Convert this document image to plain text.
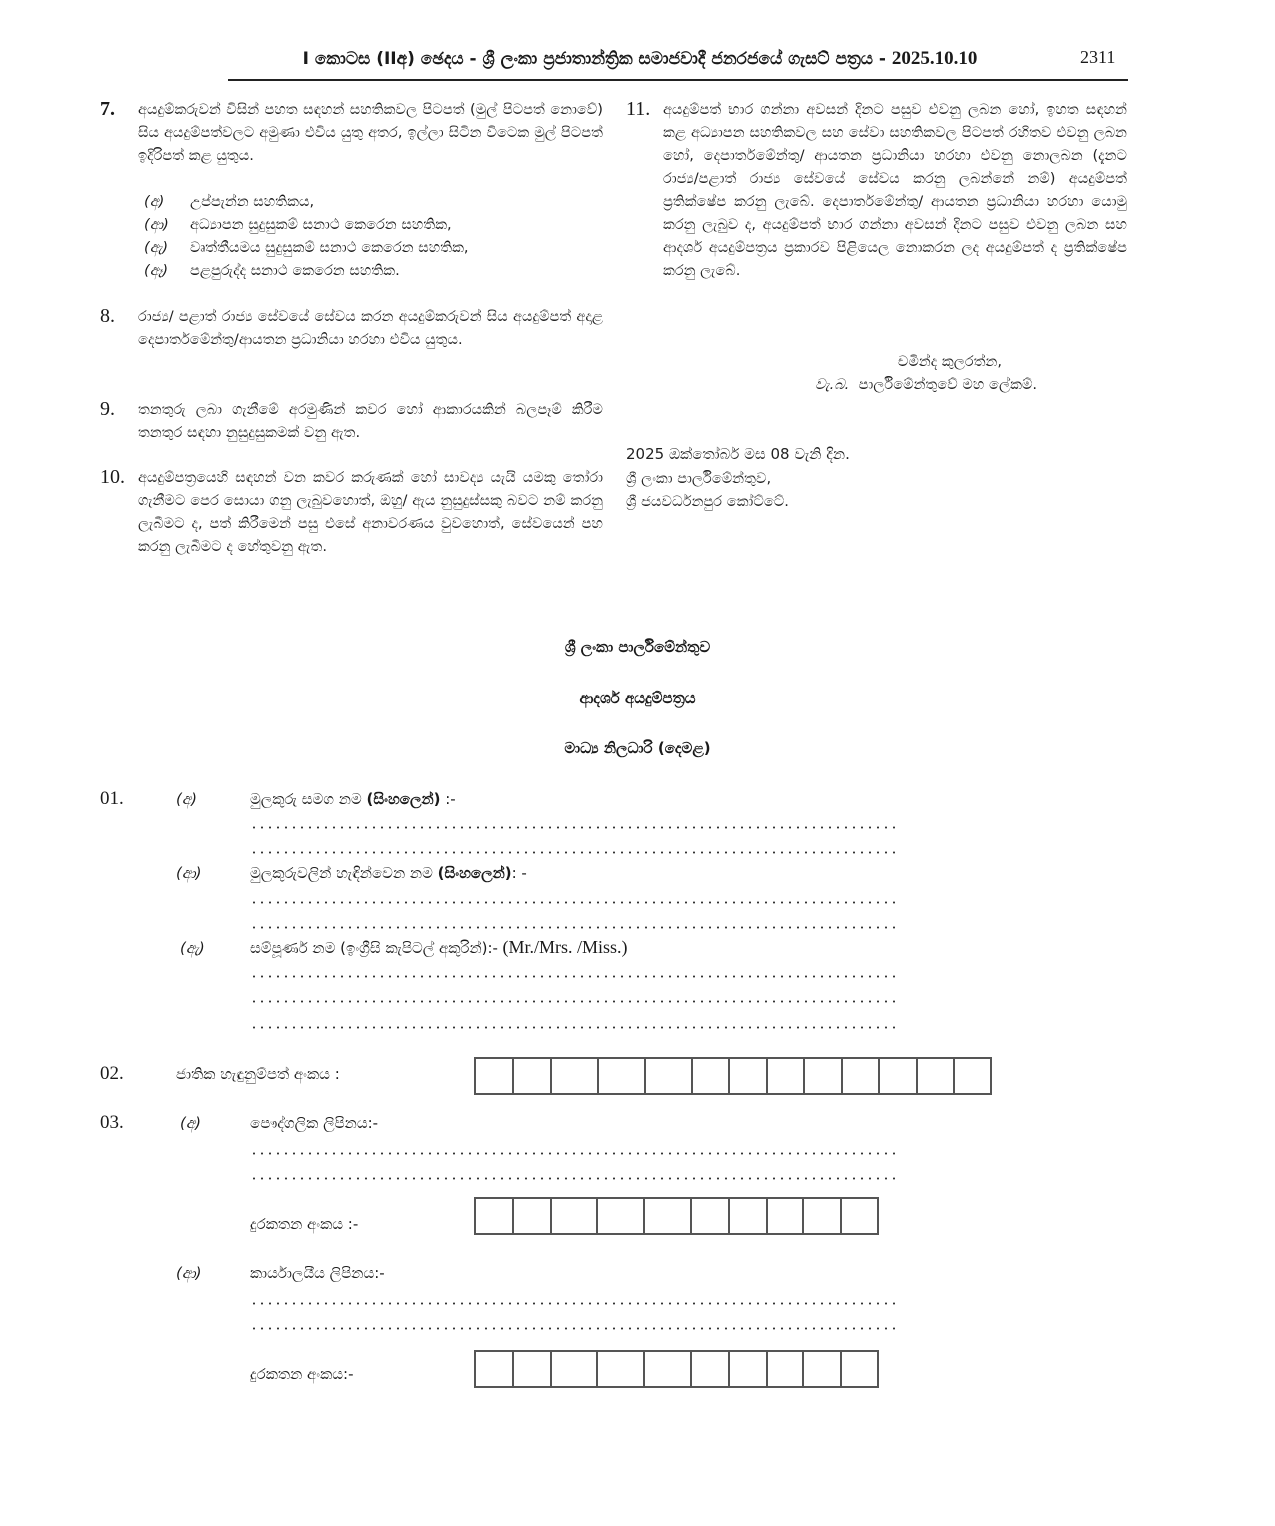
I කොටස (IIඅ) ඡෙදය - ශ්‍රී ලංකා ප්‍රජාතාන්ත්‍රික සමාජවාදී ජනරජයේ ගැසට් පත්‍රය - 2025.10.10	2311
7. අයදුම්කරුවන් විසින් පහත සඳහන් සහතිකවල පිටපත් (මුල් පිටපත් නොවේ) සිය අයදුම්පත්වලට අමුණා එවිය යුතු අතර, ඉල්ලා සිටින විටෙක මුල් පිටපත් ඉදිරිපත් කළ යුතුය.
(අ) උප්පැන්න සහතිකය,
(ආ) අධ්‍යාපන සුදුසුකම් සනාථ කෙරෙන සහතික,
(ඇ) වෘත්තීයමය සුදුසුකම් සනාථ කෙරෙන සහතික,
(ඈ) පළපුරුද්ද සනාථ කෙරෙන සහතික.
8. රාජ්‍ය/ පළාත් රාජ්‍ය සේවයේ සේවය කරන අයදුම්කරුවන් සිය අයදුම්පත් අදාළ දෙපාර්තමේන්තු/ආයතන ප්‍රධානියා හරහා එවිය යුතුය.
9. තනතුරු ලබා ගැනීමේ අරමුණින් කවර හෝ ආකාරයකින් බලපෑම් කිරීම තනතුර සඳහා නුසුදුසුකමක් වනු ඇත.
10. අයදුම්පත්‍රයෙහි සඳහන් වන කවර කරුණක් හෝ සාවද්‍ය යැයි යමකු තෝරා ගැනීමට පෙර සොයා ගනු ලැබුවහොත්, ඔහු/ ඇය නුසුදුස්සකු බවට නම් කරනු ලැබීමට ද, පත් කිරීමෙන් පසු එසේ අනාවරණය වුවහොත්, සේවයෙන් පහ කරනු ලැබීමට ද හේතුවනු ඇත.
11. අයදුම්පත් භාර ගන්නා අවසන් දිනට පසුව එවනු ලබන හෝ, ඉහත සඳහන් කළ අධ්‍යාපන සහතිකවල සහ සේවා සහතිකවල පිටපත් රහිතව එවනු ලබන හෝ, දෙපාර්තමේන්තු/ ආයතන ප්‍රධානියා හරහා එවනු නොලබන (දැනට රාජ්‍ය/පළාත් රාජ්‍ය සේවයේ සේවය කරනු ලබන්නේ නම්) අයදුම්පත් ප්‍රතික්ෂේප කරනු ලැබේ. දෙපාර්තමේන්තු/ ආයතන ප්‍රධානියා හරහා යොමු කරනු ලැබුව ද, අයදුම්පත් භාර ගන්නා අවසන් දිනට පසුව එවනු ලබන සහ ආදර්ශ අයදුම්පත්‍රය ප්‍රකාරව පිළියෙල නොකරන ලද අයදුම්පත් ද ප්‍රතික්ෂේප කරනු ලැබේ.
චමින්ද කුලරත්න,
වැ.බ. පාර්ලිමේන්තුවේ මහ ලේකම්.
2025 ඔක්තෝබර් මස 08 වැනි දින.
ශ්‍රී ලංකා පාර්ලිමේන්තුව,
ශ්‍රී ජයවර්ධනපුර කෝට්ටේ.
ශ්‍රී ලංකා පාර්ලිමේන්තුව
ආදර්ශ අයදුම්පත්‍රය
මාධ්‍ය නිලධාරි (දෙමළ)
01.	(අ)	මුලකුරු සමග නම (සිංහලෙන්) :-
(ආ)	මුලකුරුවලින් හැඳින්වෙන නම (සිංහලෙන්): -
(ඇ)	සම්පූර්ණ නම (ඉංග්‍රීසි කැපිටල් අකුරින්):- (Mr./Mrs. /Miss.)
02.	ජාතික හැඳුනුම්පත් අංකය :
03.	(අ)	පෞද්ගලික ලිපිනය:-
දුරකතන අංකය :-
(ආ)	කාර්යාලයීය ලිපිනය:-
දුරකතන අංකය:-
